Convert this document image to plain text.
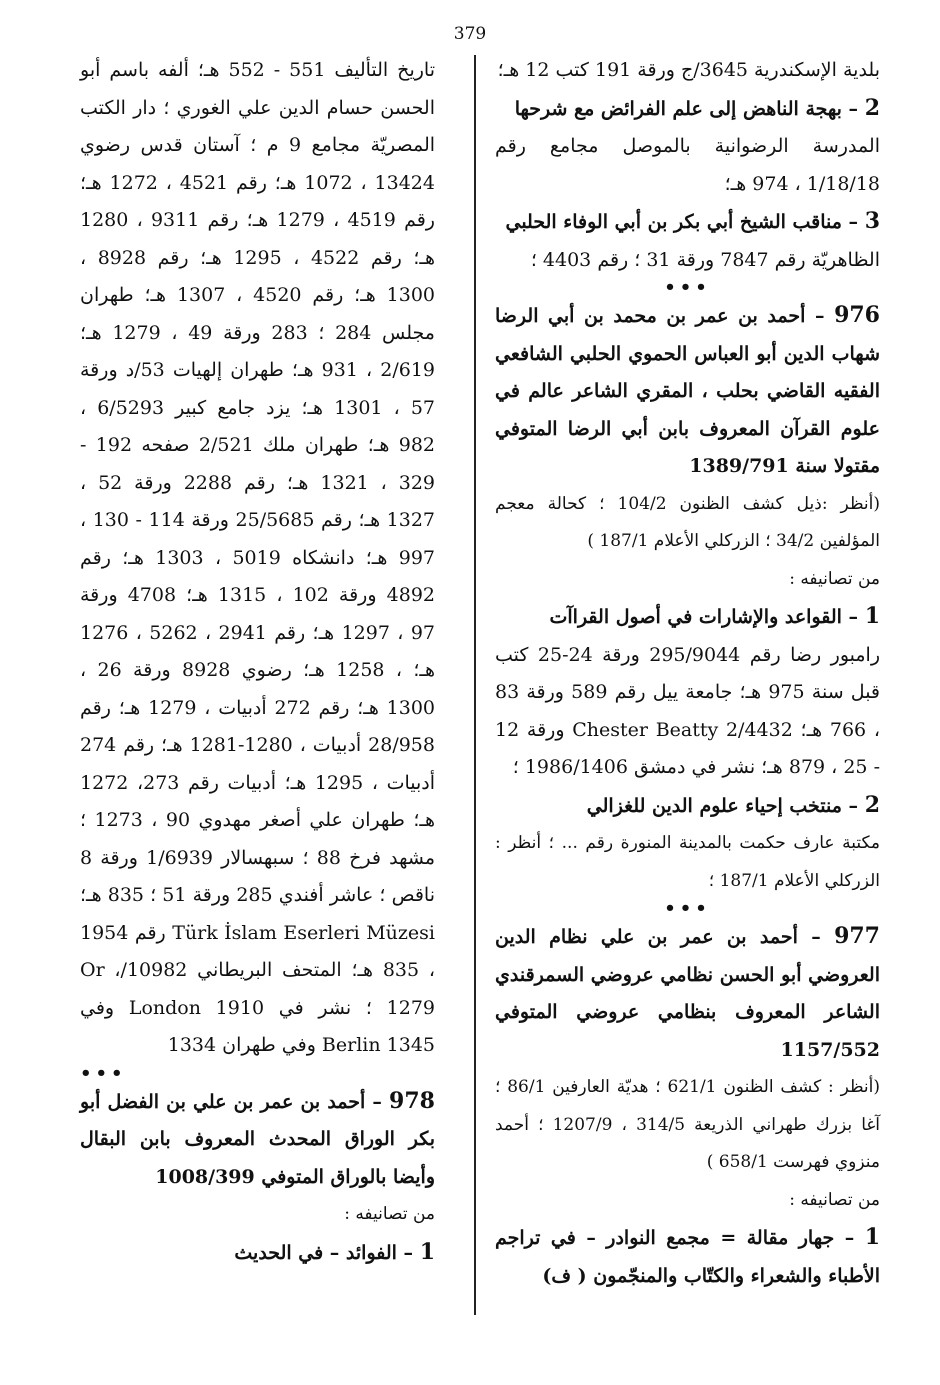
379

بلدية الإسكندرية 3645/ج ورقة 191 كتب 12 هـ؛

2 – بهجة الناهض إلى علم الفرائض مع شرحها

المدرسة الرضوانية بالموصل مجامع رقم 1/18/18 ، 974 هـ؛

3 – مناقب الشيخ أبي بكر بن أبي الوفاء الحلبي

الظاهريّة رقم 7847 ورقة 31 ؛ رقم 4403 ؛

•••

976 – أحمد بن عمر بن محمد بن أبي الرضا شهاب الدين أبو العباس الحموي الحلبي الشافعي الفقيه القاضي بحلب ، المقري الشاعر عالم في علوم القرآن المعروف بابن أبي الرضا المتوفي مقتولا سنة 1389/791

(أنظر :ذيل كشف الظنون 104/2 ؛ كحالة معجم المؤلفين 34/2 ؛ الزركلي الأعلام 187/1 )

من تصانيفه :

1 – القواعد والإشارات في أصول القراآت

رامبور رضا رقم 295/9044 ورقة 24-25 كتب قبل سنة 975 هـ؛ جامعة ييل رقم 589 ورقة 83 ، 766 هـ؛ Chester Beatty 2/4432 ورقة 12 - 25 ، 879 هـ؛ نشر في دمشق 1986/1406 ؛

2 – منتخب إحياء علوم الدين للغزالي

مكتبة عارف حكمت بالمدينة المنورة رقم ... ؛ أنظر : الزركلي الأعلام 187/1 ؛

•••

977 – أحمد بن عمر بن علي نظام الدين العروضي أبو الحسن نظامي عروضي السمرقندي الشاعر المعروف بنظامي عروضي المتوفي 1157/552

(أنظر : كشف الظنون 621/1 ؛ هديّة العارفين 86/1 ؛ آغا بزرك طهراني الذريعة 314/5 ، 1207/9 ؛ أحمد منزوي فهرست 658/1 )

من تصانيفه :

1 – جهار مقالة = مجمع النوادر – في تراجم الأطباء والشعراء والكتّاب والمنجّمون ( ف)

تاريخ التأليف 551 - 552 هـ؛ ألفه باسم أبو الحسن حسام الدين علي الغوري ؛ دار الكتب المصريّة مجامع 9 م ؛ آستان قدس رضوي 13424 ، 1072 هـ؛ رقم 4521 ، 1272 هـ؛ رقم 4519 ، 1279 هـ؛ رقم 9311 ، 1280 هـ؛ رقم 4522 ، 1295 هـ؛ رقم 8928 ، 1300 هـ؛ رقم 4520 ، 1307 هـ؛ طهران مجلس 284 ؛ 283 ورقة 49 ، 1279 هـ؛ 2/619 ، 931 هـ؛ طهران إلهيات 53/د ورقة 57 ، 1301 هـ؛ يزد جامع كبير 6/5293 ، 982 هـ؛ طهران ملك 2/521 صفحه 192 - 329 ، 1321 هـ؛ رقم 2288 ورقة 52 ، 1327 هـ؛ رقم 25/5685 ورقة 114 - 130 ، 997 هـ؛ دانشكاه 5019 ، 1303 هـ؛ رقم 4892 ورقة 102 ، 1315 هـ؛ 4708 ورقة 97 ، 1297 هـ؛ رقم 2941 ، 5262 ، 1276 هـ؛ ، 1258 هـ؛ رضوي 8928 ورقة 26 ، 1300 هـ؛ رقم 272 أدبيات ، 1279 هـ؛ رقم 28/958 أدبيات ، 1280-1281 هـ؛ رقم 274 أدبيات ، 1295 هـ؛ أدبيات رقم 273، 1272 هـ؛ طهران علي أصغر مهدوي 90 ، 1273 ؛ مشهد فرخ 88 ؛ سبهسالار 1/6939 ورقة 8 ناقص ؛ عاشر أفندي 285 ورقة 51 ؛ 835 هـ؛ Türk İslam Eserleri Müzesi رقم 1954 ، 835 هـ؛ المتحف البريطاني 10982/Or ، 1279 ؛ نشر في London 1910 وفي Berlin 1345 وفي طهران 1334

•••

978 – أحمد بن عمر بن علي بن الفضل أبو بكر الوراق المحدث المعروف بابن البقال وأيضا بالوراق المتوفي 1008/399

من تصانيفه :

1 – الفوائد – في الحديث
